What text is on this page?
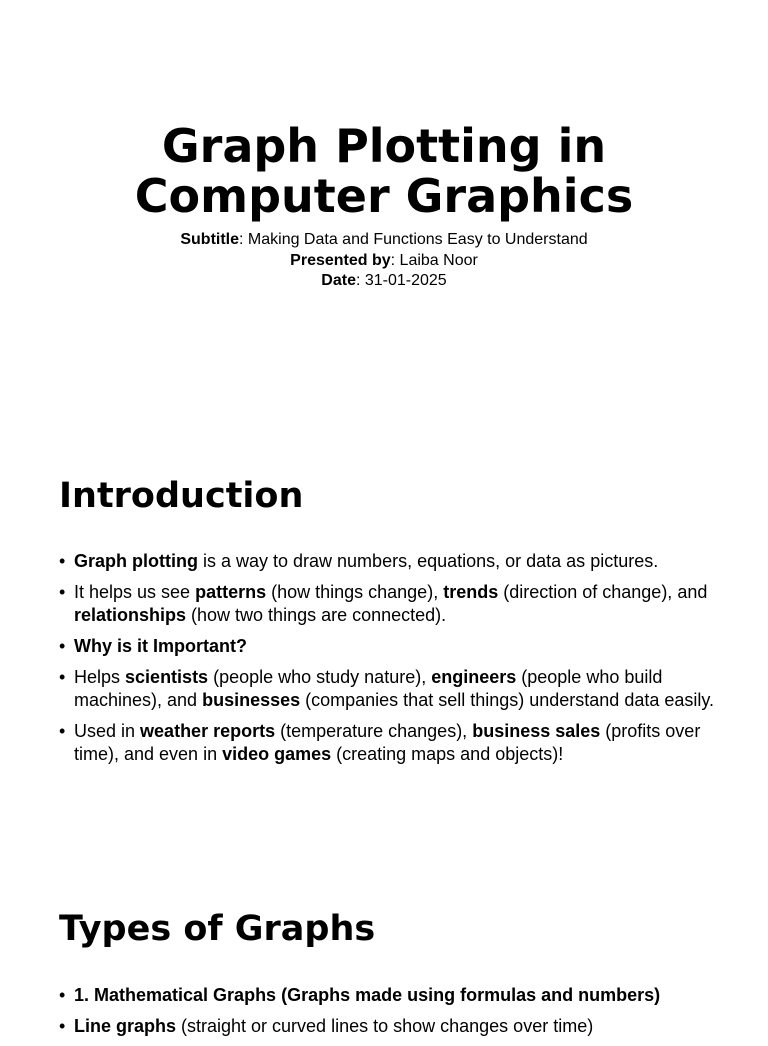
Graph Plotting in
Computer Graphics
Subtitle: Making Data and Functions Easy to Understand
Presented by: Laiba Noor
Date: 31-01-2025
Introduction
• Graph plotting is a way to draw numbers, equations, or data as pictures.
• It helps us see patterns (how things change), trends (direction of change), and relationships (how two things are connected).
• Why is it Important?
• Helps scientists (people who study nature), engineers (people who build machines), and businesses (companies that sell things) understand data easily.
• Used in weather reports (temperature changes), business sales (profits over time), and even in video games (creating maps and objects)!
Types of Graphs
• 1. Mathematical Graphs (Graphs made using formulas and numbers)
• Line graphs (straight or curved lines to show changes over time)
